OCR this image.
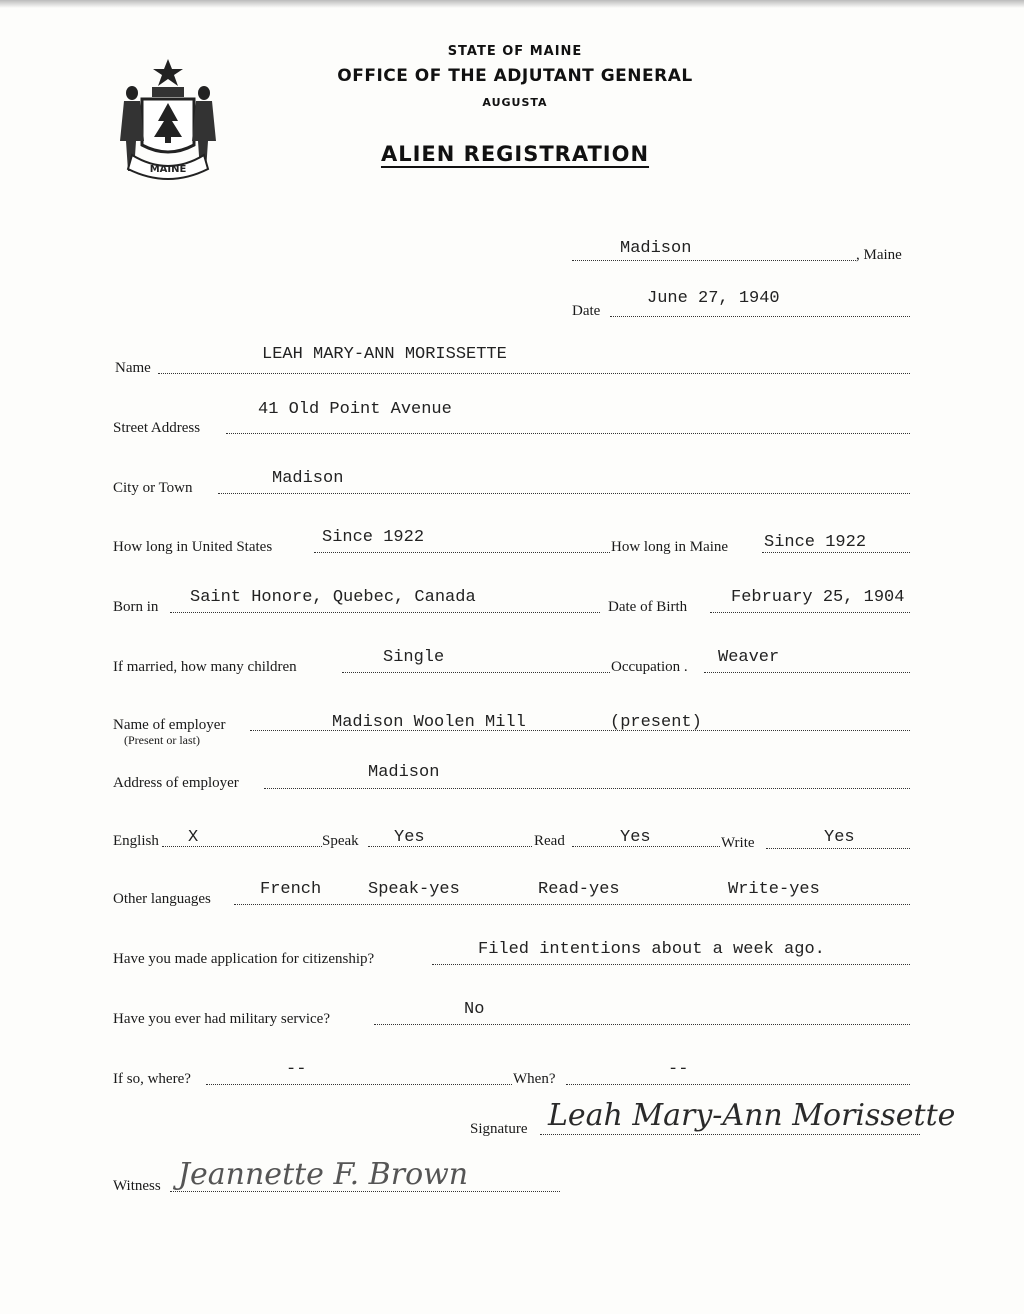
MAINE
STATE OF MAINE
OFFICE OF THE ADJUTANT GENERAL
AUGUSTA
ALIEN REGISTRATION
Madison	, Maine
Date
June 27, 1940
Name
LEAH MARY-ANN MORISSETTE
Street Address
41 Old Point Avenue
City or Town	Madison
How long in United States	Since 1922	How long in Maine Since 1922
Born in Saint Honore, Quebec, Canada	Date of Birth	February 25, 1904
If married, how many children	Single	Occupation . Weaver
Name of employer
(Present or last)
Madison Woolen Mill	(present)
Address of employer
Madison
English X	Speak Yes	Read	Yes	Write	Yes
Other languages	French	Speak-yes	Read-yes	Write-yes
Have you made application for citizenship?	Filed intentions about a week ago.
Have you ever had military service?	No
If so, where?	--	When?	--
Signature Leah Mary-Ann Morissette
Witness Jeannette F. Brown
